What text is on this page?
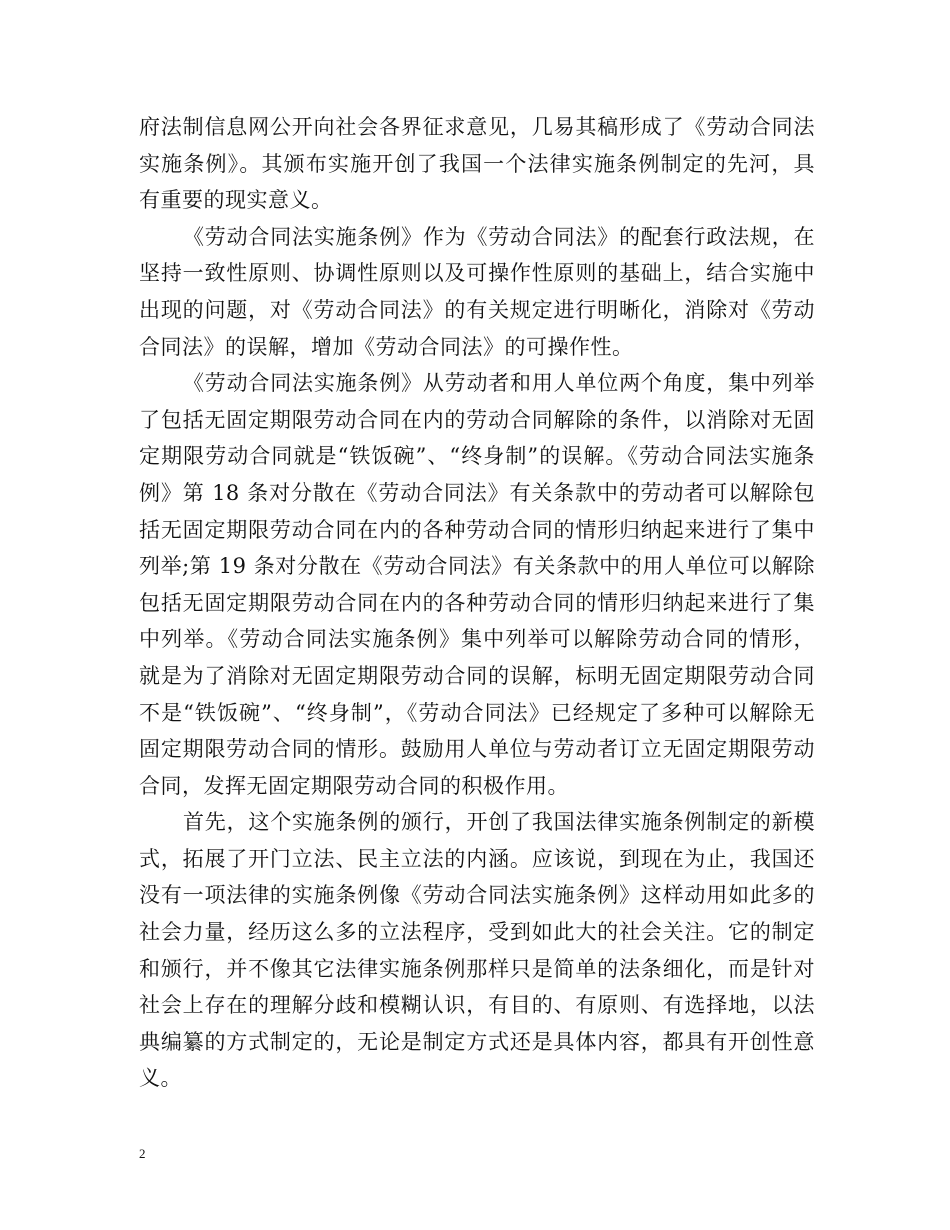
府法制信息网公开向社会各界征求意见，几易其稿形成了《劳动合同法实施条例》。其颁布实施开创了我国一个法律实施条例制定的先河，具有重要的现实意义。

《劳动合同法实施条例》作为《劳动合同法》的配套行政法规，在坚持一致性原则、协调性原则以及可操作性原则的基础上，结合实施中出现的问题，对《劳动合同法》的有关规定进行明晰化，消除对《劳动合同法》的误解，增加《劳动合同法》的可操作性。

《劳动合同法实施条例》从劳动者和用人单位两个角度，集中列举了包括无固定期限劳动合同在内的劳动合同解除的条件，以消除对无固定期限劳动合同就是“铁饭碗”、“终身制”的误解。《劳动合同法实施条例》第 18 条对分散在《劳动合同法》有关条款中的劳动者可以解除包括无固定期限劳动合同在内的各种劳动合同的情形归纳起来进行了集中列举;第 19 条对分散在《劳动合同法》有关条款中的用人单位可以解除包括无固定期限劳动合同在内的各种劳动合同的情形归纳起来进行了集中列举。《劳动合同法实施条例》集中列举可以解除劳动合同的情形，就是为了消除对无固定期限劳动合同的误解，标明无固定期限劳动合同不是“铁饭碗”、“终身制”，《劳动合同法》已经规定了多种可以解除无固定期限劳动合同的情形。鼓励用人单位与劳动者订立无固定期限劳动合同，发挥无固定期限劳动合同的积极作用。

首先，这个实施条例的颁行，开创了我国法律实施条例制定的新模式，拓展了开门立法、民主立法的内涵。应该说，到现在为止，我国还没有一项法律的实施条例像《劳动合同法实施条例》这样动用如此多的社会力量，经历这么多的立法程序，受到如此大的社会关注。它的制定和颁行，并不像其它法律实施条例那样只是简单的法条细化，而是针对社会上存在的理解分歧和模糊认识，有目的、有原则、有选择地，以法典编纂的方式制定的，无论是制定方式还是具体内容，都具有开创性意义。

2
